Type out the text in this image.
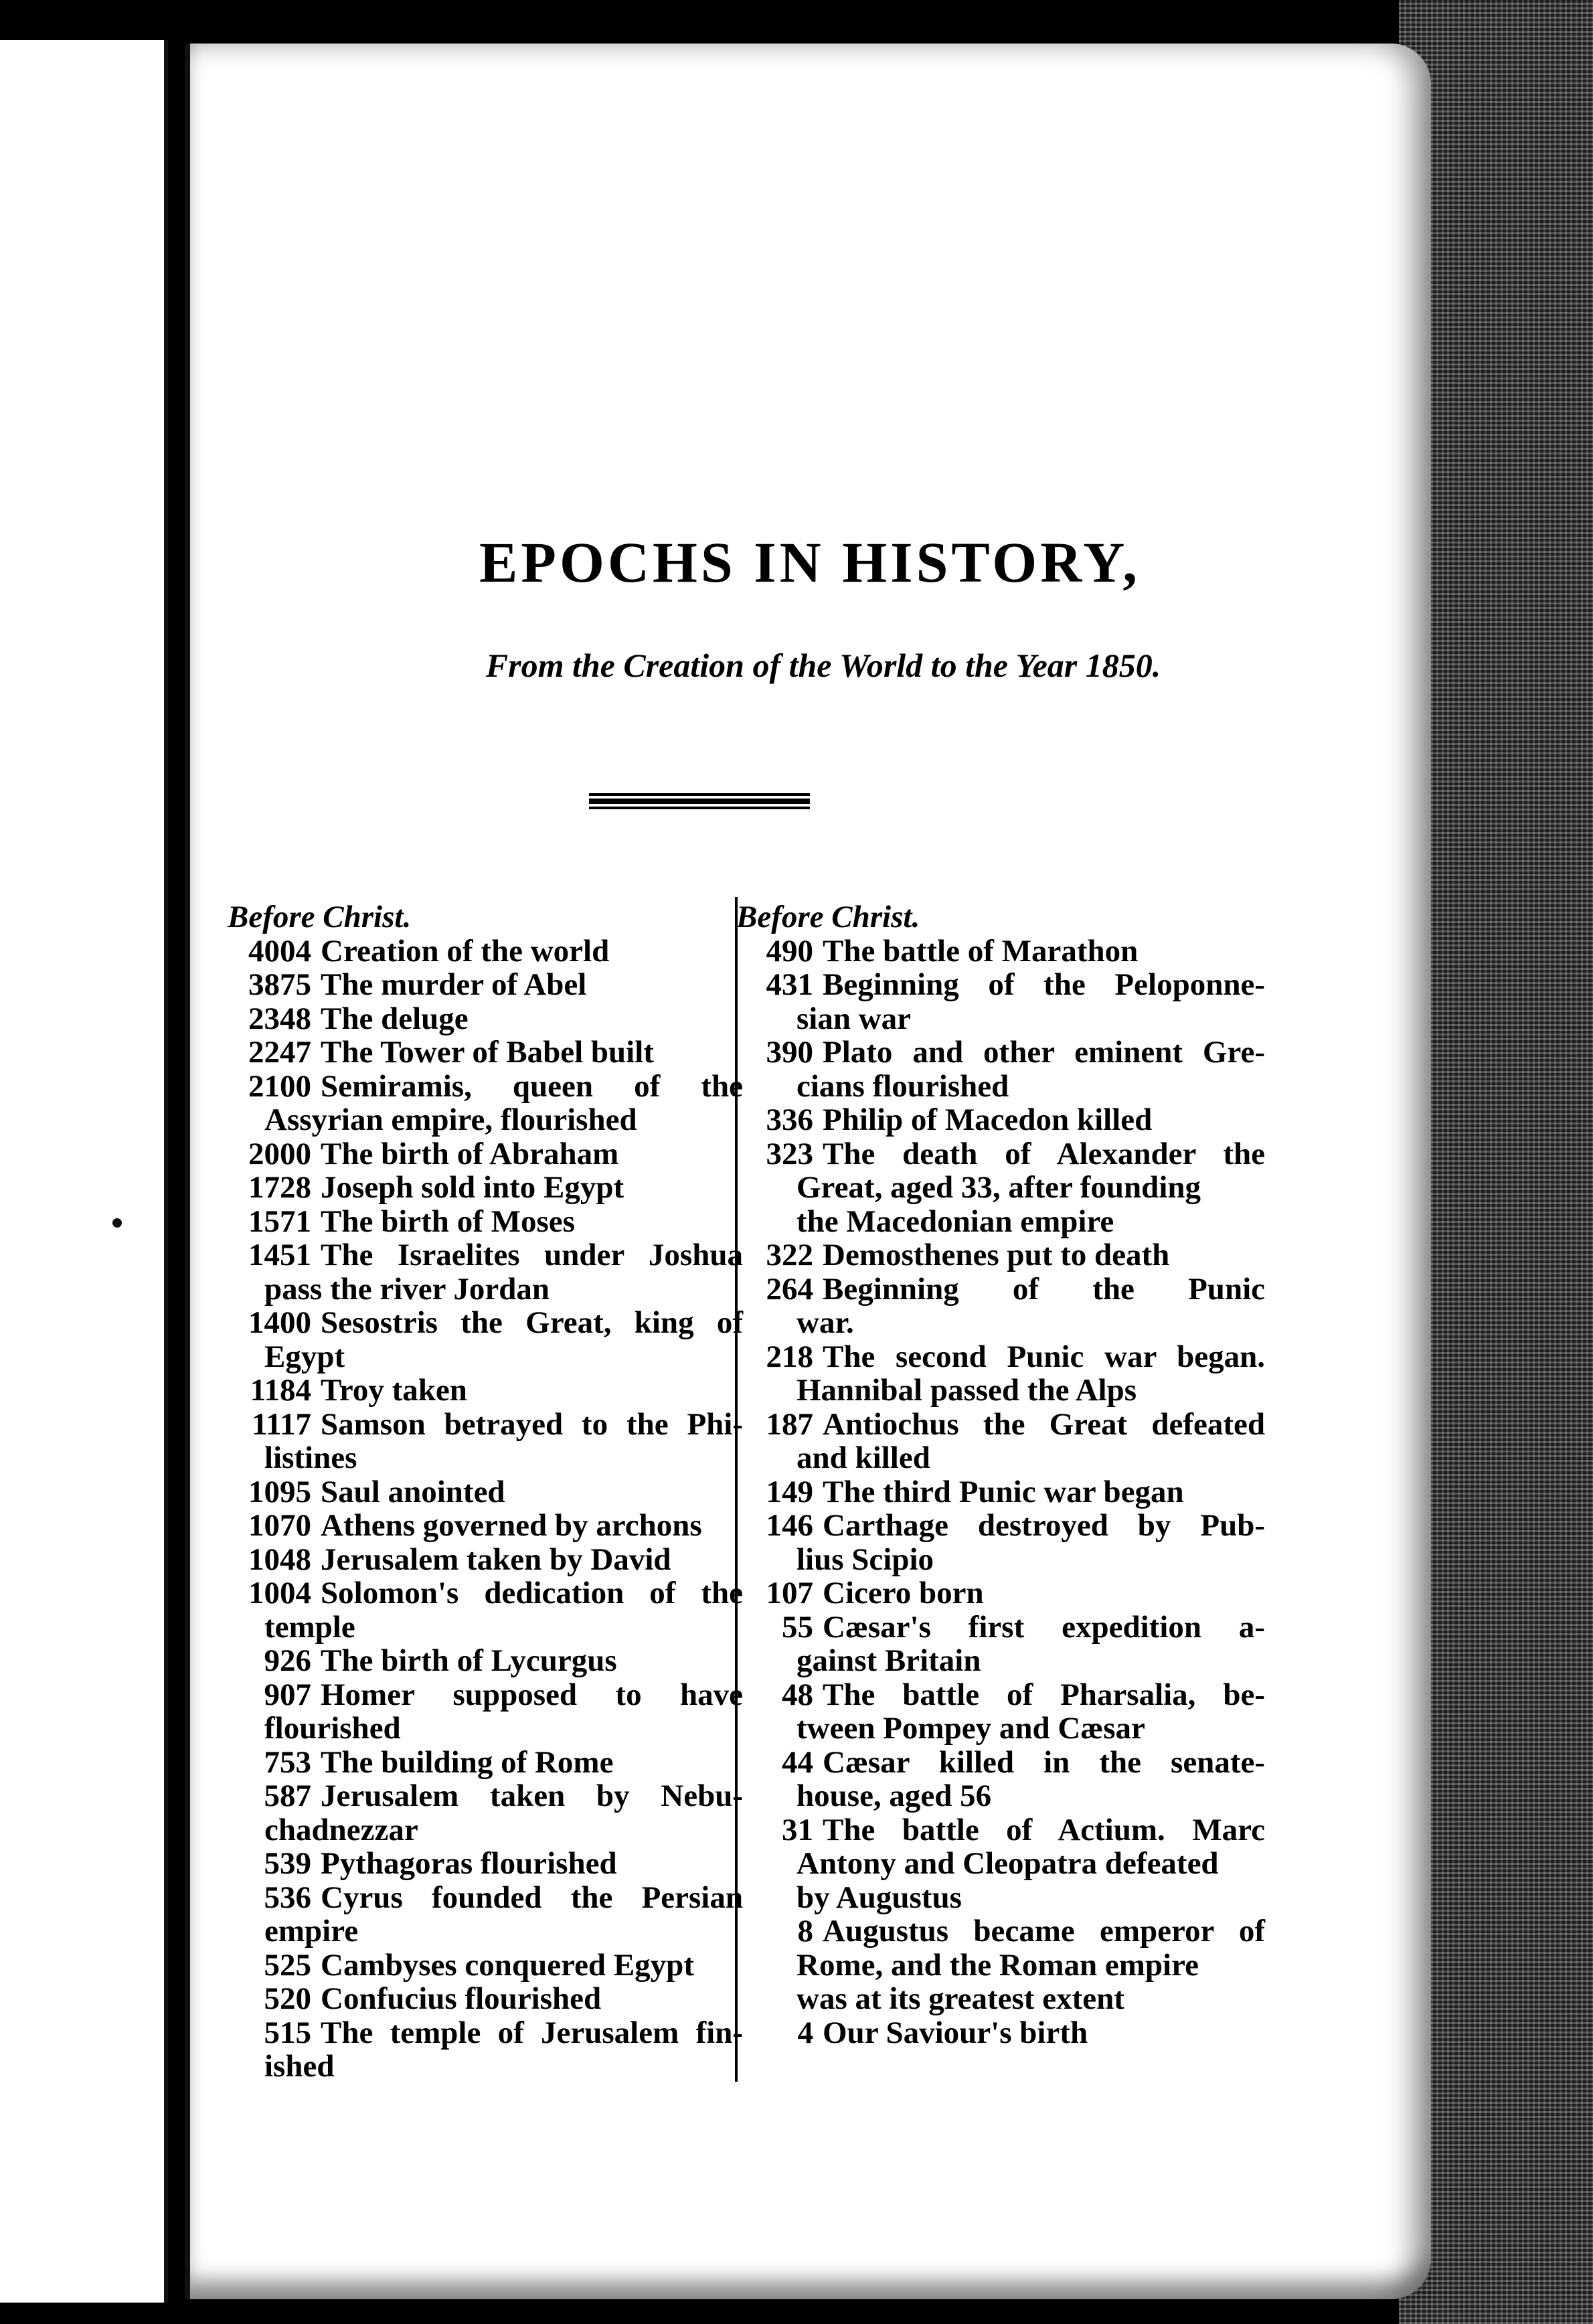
EPOCHS IN HISTORY,
From the Creation of the World to the Year 1850.
Before Christ.
4004 Creation of the world
3875 The murder of Abel
2348 The deluge
2247 The Tower of Babel built
2100 Semiramis, queen of the
Assyrian empire, flourished
2000 The birth of Abraham
1728 Joseph sold into Egypt
1571 The birth of Moses
1451 The Israelites under Joshua
pass the river Jordan
1400 Sesostris the Great, king of
Egypt
1184 Troy taken
1117 Samson betrayed to the Phi-
listines
1095 Saul anointed
1070 Athens governed by archons
1048 Jerusalem taken by David
1004 Solomon's dedication of the
temple
926 The birth of Lycurgus
907 Homer supposed to have
flourished
753 The building of Rome
587 Jerusalem taken by Nebu-
chadnezzar
539 Pythagoras flourished
536 Cyrus founded the Persian
empire
525 Cambyses conquered Egypt
520 Confucius flourished
515 The temple of Jerusalem fin-
ished
Before Christ.
490 The battle of Marathon
431 Beginning of the Peloponne-
sian war
390 Plato and other eminent Gre-
cians flourished
336 Philip of Macedon killed
323 The death of Alexander the
Great, aged 33, after founding
the Macedonian empire
322 Demosthenes put to death
264 Beginning of the Punic
war.
218 The second Punic war began.
Hannibal passed the Alps
187 Antiochus the Great defeated
and killed
149 The third Punic war began
146 Carthage destroyed by Pub-
lius Scipio
107 Cicero born
55 Cæsar's first expedition a-
gainst Britain
48 The battle of Pharsalia, be-
tween Pompey and Cæsar
44 Cæsar killed in the senate-
house, aged 56
31 The battle of Actium. Marc
Antony and Cleopatra defeated
by Augustus
8 Augustus became emperor of
Rome, and the Roman empire
was at its greatest extent
4 Our Saviour's birth
